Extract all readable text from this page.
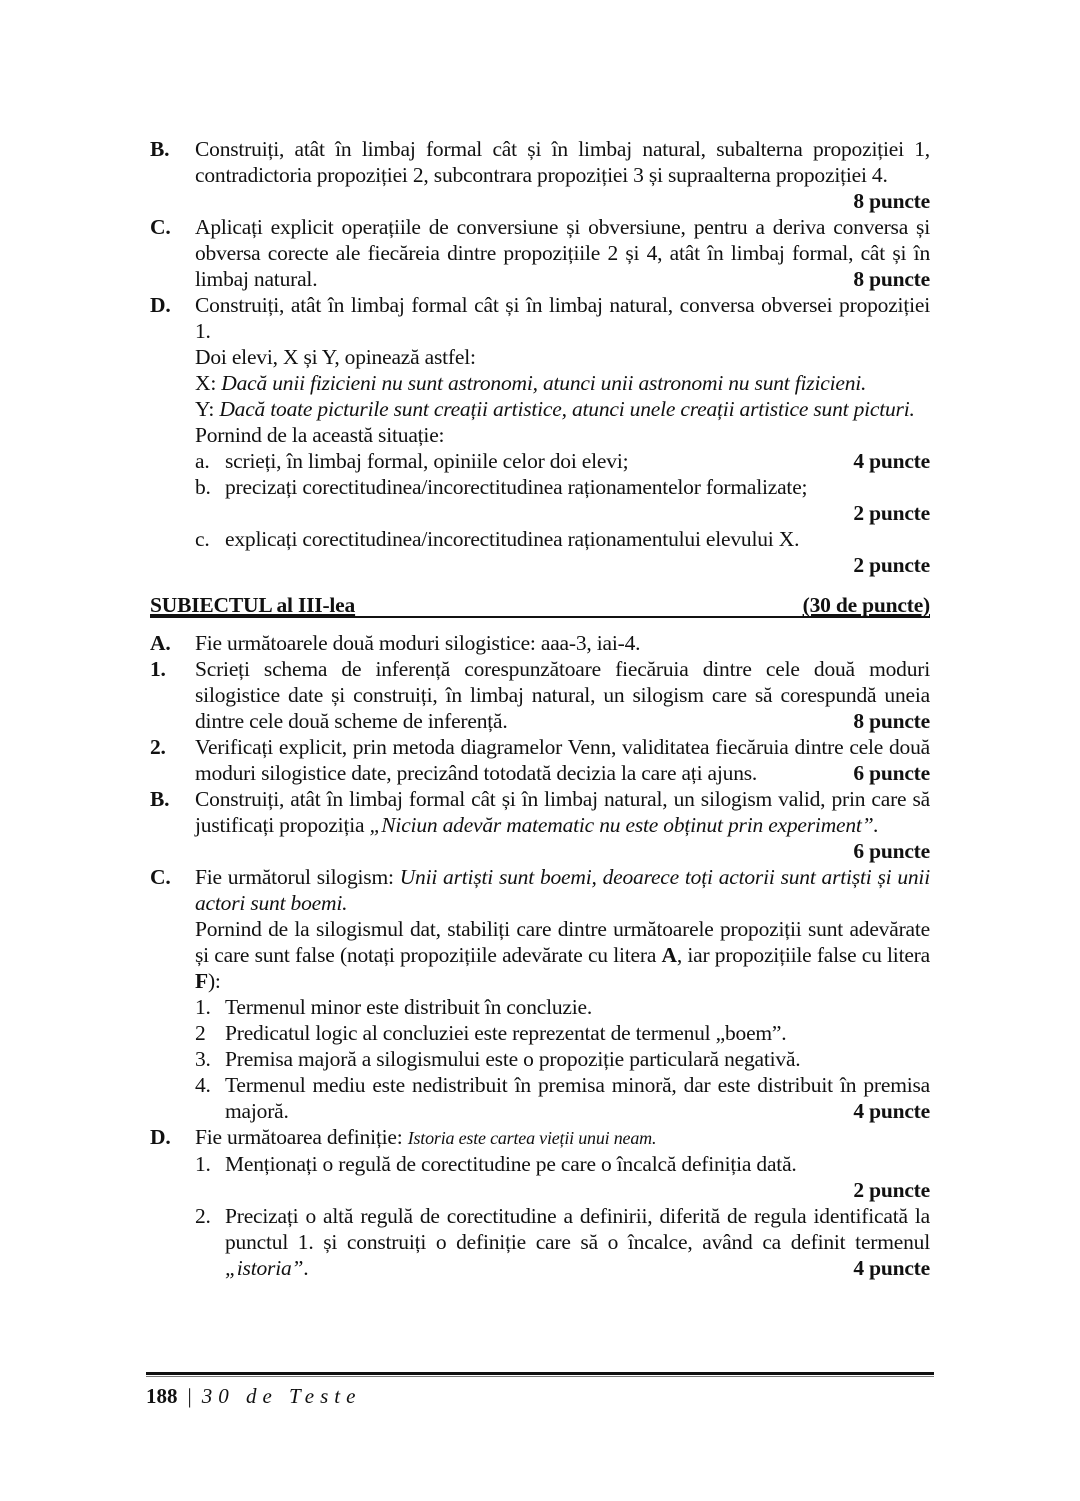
B.	Construiți, atât în limbaj formal cât și în limbaj natural, subalterna propoziției 1, contradictoria propoziției 2, subcontrara propoziției 3 și supraalterna propoziției 4.
8 puncte
C.	Aplicați explicit operațiile de conversiune și obversiune, pentru a deriva conversa și obversa corecte ale fiecăreia dintre propozițiile 2 și 4, atât în limbaj formal, cât și în limbaj natural.	8 puncte
D.	Construiți, atât în limbaj formal cât și în limbaj natural, conversa obversei propoziției 1.
Doi elevi, X și Y, opinează astfel:
X: Dacă unii fizicieni nu sunt astronomi, atunci unii astronomi nu sunt fizicieni.
Y: Dacă toate picturile sunt creații artistice, atunci unele creații artistice sunt picturi.
Pornind de la această situație:
a. scrieți, în limbaj formal, opiniile celor doi elevi;	4 puncte
b. precizați corectitudinea/incorectitudinea raționamentelor formalizate;
2 puncte
c. explicați corectitudinea/incorectitudinea raționamentului elevului X.
2 puncte
SUBIECTUL al III-lea	(30 de puncte)
A.	Fie următoarele două moduri silogistice: aaa-3, iai-4.
1.	Scrieți schema de inferență corespunzătoare fiecăruia dintre cele două moduri silogistice date și construiți, în limbaj natural, un silogism care să corespundă uneia dintre cele două scheme de inferență.	8 puncte
2.	Verificați explicit, prin metoda diagramelor Venn, validitatea fiecăruia dintre cele două moduri silogistice date, precizând totodată decizia la care ați ajuns.	6 puncte
B.	Construiți, atât în limbaj formal cât și în limbaj natural, un silogism valid, prin care să justificați propoziția „Niciun adevăr matematic nu este obținut prin experiment”.
6 puncte
C.	Fie următorul silogism: Unii artiști sunt boemi, deoarece toți actorii sunt artiști și unii actori sunt boemi.
Pornind de la silogismul dat, stabiliți care dintre următoarele propoziții sunt adevărate și care sunt false (notați propozițiile adevărate cu litera A, iar propozițiile false cu litera F):
1. Termenul minor este distribuit în concluzie.
2 Predicatul logic al concluziei este reprezentat de termenul „boem”.
3. Premisa majoră a silogismului este o propoziție particulară negativă.
4. Termenul mediu este nedistribuit în premisa minoră, dar este distribuit în premisa majoră.	4 puncte
D.	Fie următoarea definiție: Istoria este cartea vieții unui neam.
1. Menționați o regulă de corectitudine pe care o încalcă definiția dată.
2 puncte
2. Precizați o altă regulă de corectitudine a definirii, diferită de regula identificată la punctul 1. și construiți o definiție care să o încalce, având ca definit termenul „istoria”.	4 puncte
188 | 30 de Teste
